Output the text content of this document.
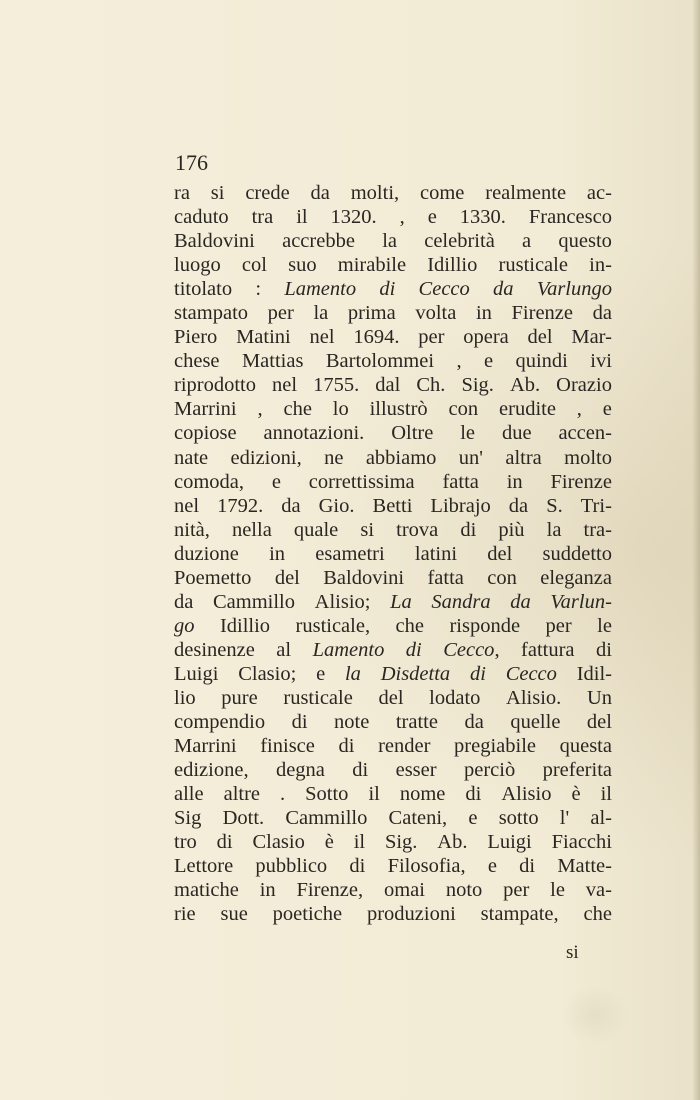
176
ra si crede da molti, come realmente ac-
caduto tra il 1320. , e 1330. Francesco
Baldovini accrebbe la celebrità a questo
luogo col suo mirabile Idillio rusticale in-
titolato : Lamento di Cecco da Varlungo
stampato per la prima volta in Firenze da
Piero Matini nel 1694. per opera del Mar-
chese Mattias Bartolommei , e quindi ivi
riprodotto nel 1755. dal Ch. Sig. Ab. Orazio
Marrini , che lo illustrò con erudite , e
copiose annotazioni. Oltre le due accen-
nate edizioni, ne abbiamo un' altra molto
comoda, e correttissima fatta in Firenze
nel 1792. da Gio. Betti Librajo da S. Tri-
nità, nella quale si trova di più la tra-
duzione in esametri latini del suddetto
Poemetto del Baldovini fatta con eleganza
da Cammillo Alisio; La Sandra da Varlun-
go Idillio rusticale, che risponde per le
desinenze al Lamento di Cecco, fattura di
Luigi Clasio; e la Disdetta di Cecco Idil-
lio pure rusticale del lodato Alisio. Un
compendio di note tratte da quelle del
Marrini finisce di render pregiabile questa
edizione, degna di esser perciò preferita
alle altre . Sotto il nome di Alisio è il
Sig Dott. Cammillo Cateni, e sotto l' al-
tro di Clasio è il Sig. Ab. Luigi Fiacchi
Lettore pubblico di Filosofia, e di Matte-
matiche in Firenze, omai noto per le va-
rie sue poetiche produzioni stampate, che
si
